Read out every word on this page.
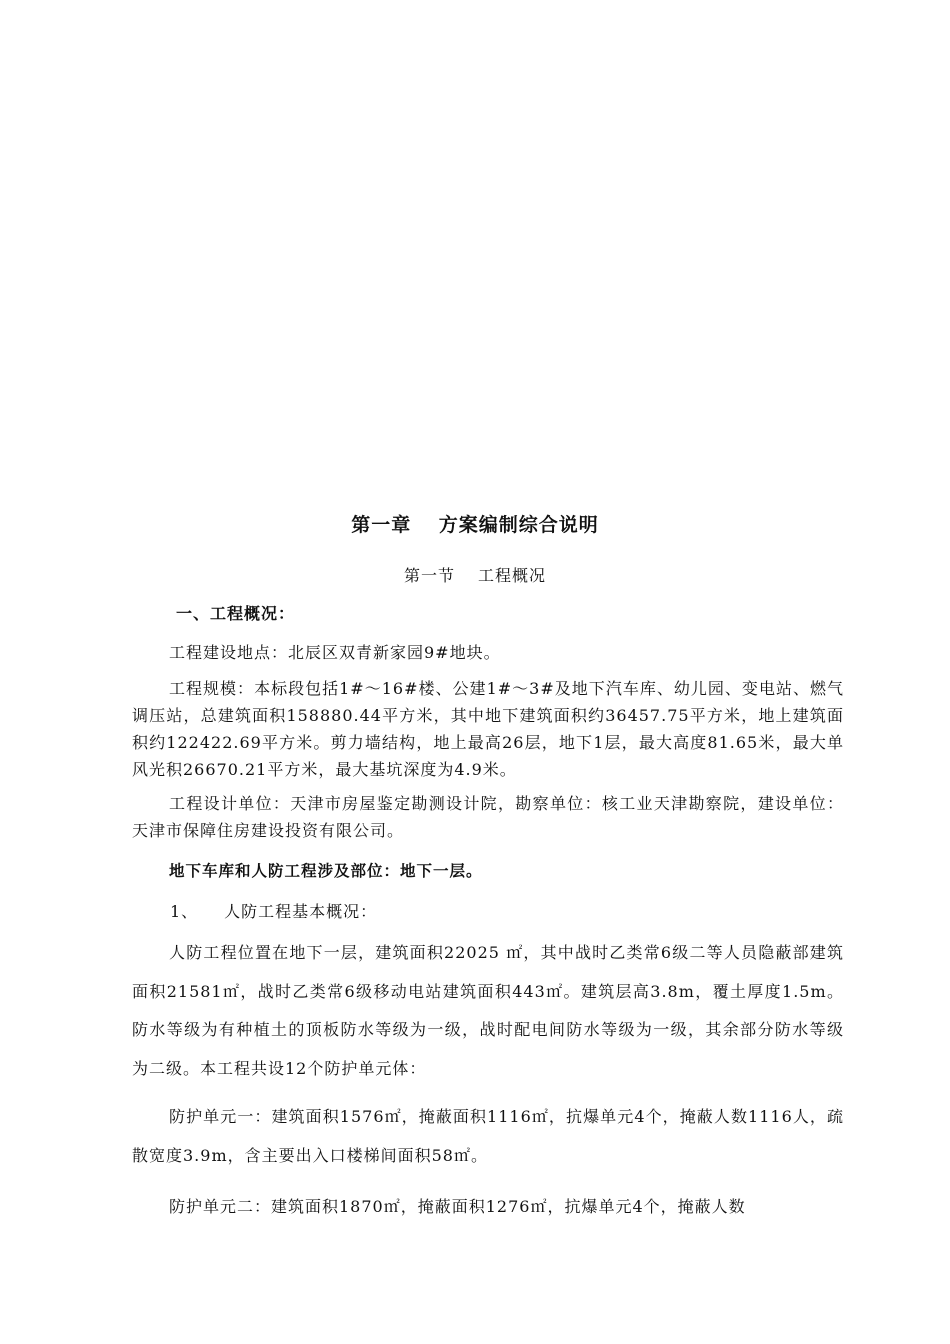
第一章　 方案编制综合说明
第一节　 工程概况
一、工程概况：
工程建设地点：北辰区双青新家园9#地块。
工程规模：本标段包括1#～16#楼、公建1#～3#及地下汽车库、幼儿园、变电站、燃气调压站，总建筑面积158880.44平方米，其中地下建筑面积约36457.75平方米，地上建筑面积约122422.69平方米。剪力墙结构，地上最高26层，地下1层，最大高度81.65米，最大单风光积26670.21平方米，最大基坑深度为4.9米。
工程设计单位：天津市房屋鉴定勘测设计院，勘察单位：核工业天津勘察院，建设单位：天津市保障住房建设投资有限公司。
地下车库和人防工程涉及部位：地下一层。
1、　　人防工程基本概况：
人防工程位置在地下一层，建筑面积22025 ㎡，其中战时乙类常6级二等人员隐蔽部建筑面积21581㎡，战时乙类常6级移动电站建筑面积443㎡。建筑层高3.8m，覆土厚度1.5m。防水等级为有种植土的顶板防水等级为一级，战时配电间防水等级为一级，其余部分防水等级为二级。本工程共设12个防护单元体：
防护单元一：建筑面积1576㎡，掩蔽面积1116㎡，抗爆单元4个，掩蔽人数1116人，疏散宽度3.9m，含主要出入口楼梯间面积58㎡。
防护单元二：建筑面积1870㎡，掩蔽面积1276㎡，抗爆单元4个，掩蔽人数
